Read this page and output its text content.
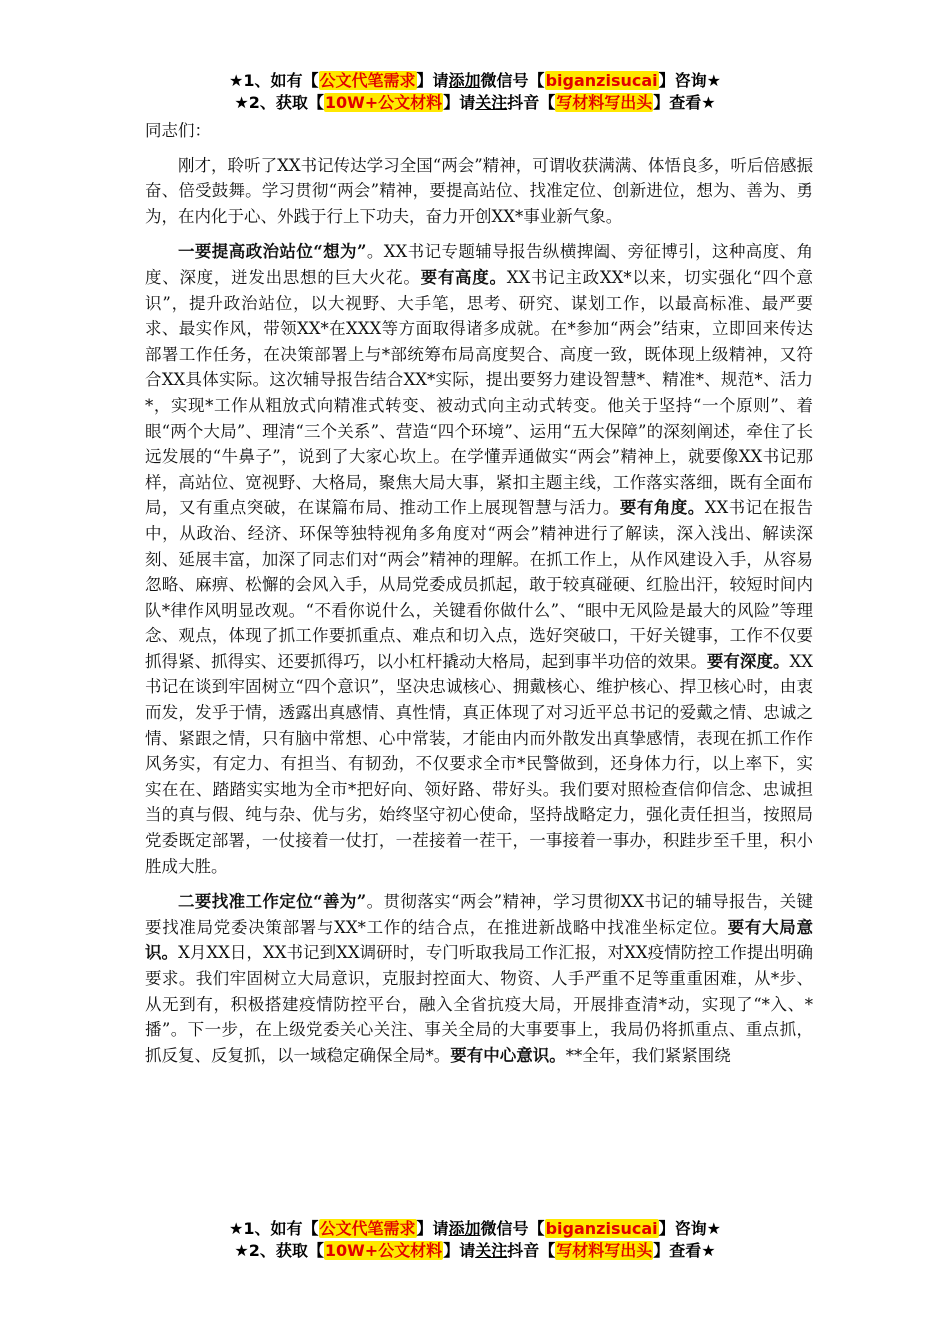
★1、如有【公文代笔需求】请添加微信号【biganzisucai】咨询★
★2、获取【10W+公文材料】请关注抖音【写材料写出头】查看★

同志们：

刚才，聆听了XX书记传达学习全国“两会”精神，可谓收获满满、体悟良多，听后倍感振奋、倍受鼓舞。学习贯彻“两会”精神，要提高站位、找准定位、创新进位，想为、善为、勇为，在内化于心、外践于行上下功夫，奋力开创XX*事业新气象。

一要提高政治站位“想为”。XX书记专题辅导报告纵横捭阖、旁征博引，这种高度、角度、深度，迸发出思想的巨大火花。要有高度。XX书记主政XX*以来，切实强化“四个意识”，提升政治站位，以大视野、大手笔，思考、研究、谋划工作，以最高标准、最严要求、最实作风，带领XX*在XXX等方面取得诸多成就。在*参加“两会”结束，立即回来传达部署工作任务，在决策部署上与*部统筹布局高度契合、高度一致，既体现上级精神，又符合XX具体实际。这次辅导报告结合XX*实际，提出要努力建设智慧*、精准*、规范*、活力*，实现*工作从粗放式向精准式转变、被动式向主动式转变。他关于坚持“一个原则”、着眼“两个大局”、理清“三个关系”、营造“四个环境”、运用“五大保障”的深刻阐述，牵住了长远发展的“牛鼻子”，说到了大家心坎上。在学懂弄通做实“两会”精神上，就要像XX书记那样，高站位、宽视野、大格局，聚焦大局大事，紧扣主题主线，工作落实落细，既有全面布局，又有重点突破，在谋篇布局、推动工作上展现智慧与活力。要有角度。XX书记在报告中，从政治、经济、环保等独特视角多角度对“两会”精神进行了解读，深入浅出、解读深刻、延展丰富，加深了同志们对“两会”精神的理解。在抓工作上，从作风建设入手，从容易忽略、麻痹、松懈的会风入手，从局党委成员抓起，敢于较真碰硬、红脸出汗，较短时间内队*律作风明显改观。“不看你说什么，关键看你做什么”、“眼中无风险是最大的风险”等理念、观点，体现了抓工作要抓重点、难点和切入点，选好突破口，干好关键事，工作不仅要抓得紧、抓得实、还要抓得巧，以小杠杆撬动大格局，起到事半功倍的效果。要有深度。XX书记在谈到牢固树立“四个意识”，坚决忠诚核心、拥戴核心、维护核心、捍卫核心时，由衷而发，发乎于情，透露出真感情、真性情，真正体现了对习近平总书记的爱戴之情、忠诚之情、紧跟之情，只有脑中常想、心中常装，才能由内而外散发出真挚感情，表现在抓工作作风务实，有定力、有担当、有韧劲，不仅要求全市*民警做到，还身体力行，以上率下，实实在在、踏踏实实地为全市*把好向、领好路、带好头。我们要对照检查信仰信念、忠诚担当的真与假、纯与杂、优与劣，始终坚守初心使命，坚持战略定力，强化责任担当，按照局党委既定部署，一仗接着一仗打，一茬接着一茬干，一事接着一事办，积跬步至千里，积小胜成大胜。

二要找准工作定位“善为”。贯彻落实“两会”精神，学习贯彻XX书记的辅导报告，关键要找准局党委决策部署与XX*工作的结合点，在推进新战略中找准坐标定位。要有大局意识。X月XX日，XX书记到XX调研时，专门听取我局工作汇报，对XX疫情防控工作提出明确要求。我们牢固树立大局意识，克服封控面大、物资、人手严重不足等重重困难，从*步、从无到有，积极搭建疫情防控平台，融入全省抗疫大局，开展排查清*动，实现了“*入、*播”。下一步，在上级党委关心关注、事关全局的大事要事上，我局仍将抓重点、重点抓，抓反复、反复抓，以一域稳定确保全局*。要有中心意识。**全年，我们紧紧围绕

★1、如有【公文代笔需求】请添加微信号【biganzisucai】咨询★
★2、获取【10W+公文材料】请关注抖音【写材料写出头】查看★
